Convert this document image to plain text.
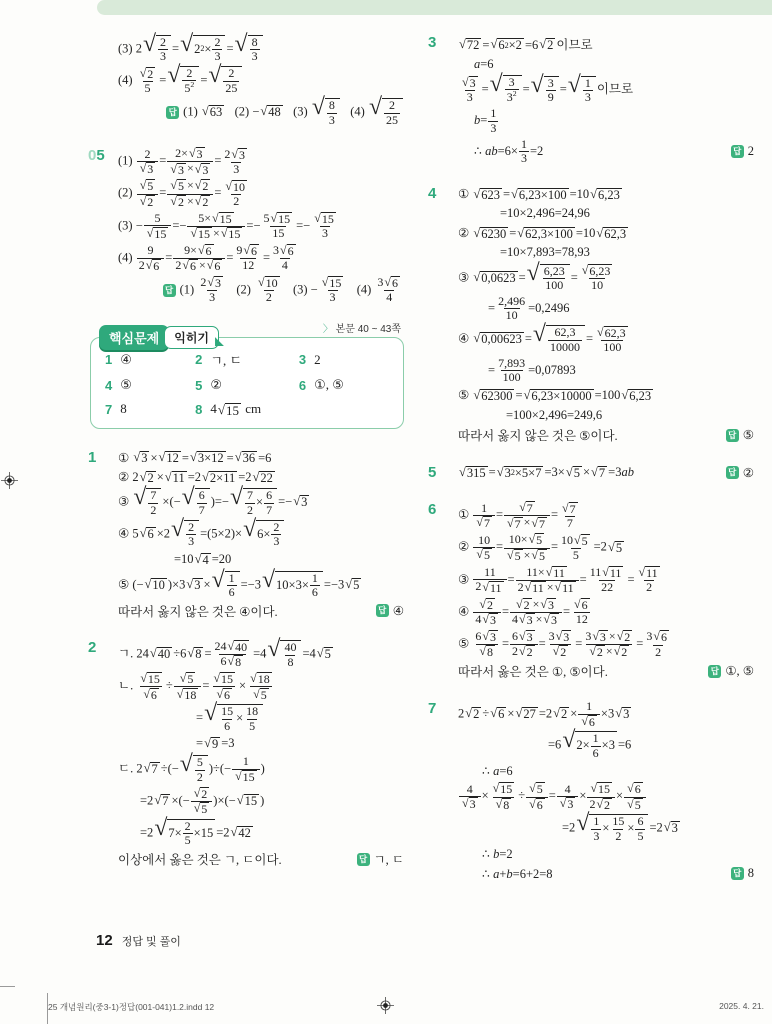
(3) 2 √ 2
3
= √ 2 2 ×
2
3
= √ 8
3
$(4) \frac{√ 2}{5}$ = √ 2
$5^2$ = √ 2
25
답 (1) √ 63 (2) − √ 48 (3) √ 8
3
(4) √ 2
25
05	$(1) \frac{2}{√ 3} = \frac{2\times √ 3}{√ 3 \times √ 3} = \frac{2 √ 3}{3}$
$(2) \frac{√ 5}{√ 2} = \frac{√ 5 \times √ 2}{√ 2 \times √ 2} = \frac{√ 10}{2}$
$(3) - \frac{5}{√ 15} =- \frac{5\times √ 15}{√ 15 \times √ 15} =- \frac{5 √ 15}{15} =- \frac{√ 15}{3}$
$(4) \frac{9}{2 √ 6} = \frac{9\times √ 6}{2 √ 6 \times √ 6} = \frac{9 √ 6}{12} = \frac{3 √ 6}{4}$
답 $(1) \frac{2 √ 3}{3} (2) \frac{√ 10}{2} (3) - \frac{√ 15}{3} (4) \frac{3 √ 6}{4}$
〉 본문 40 ~ 43쪽
핵심문제	익히기
1 ④	2 ㄱ, ㄷ	3 2
4 ⑤	5 ②	6 ①, ⑤
7 8	8 4 √ 15 cm
1	① √ 3 × √ 12 = √ 3×12 = √ 36 =6
② 2 √ 2 × √ 11 =2 √ 2×11 =2 √ 22
③ √ 7
2
×(− √ 6
7
)=− √ 7
2
×
6
7
=− √ 3
④ 5 √ 6 ×2 √ 2
3
=(5×2)× √ 6×
2
3
=10 √ 4 =20
⑤ (− √ 10 )×3 √ 3 × √ 1
6
=−3 √ 10×3×
1
6
=−3 √ 5
따라서 옳지 않은 것은 ④이다.	답 ④
2	ㄱ. 24 √ 40 ÷6 √ $8 = \frac{24 √ 40}{6 √ 8} =4$ √ 40
8
=4 √ 5
ㄴ. $\frac{√ 15}{√ 6} \div \frac{√ 5}{√ 18} = \frac{√ 15}{√ 6} \times \frac{√ 18}{√ 5}$
= √ 15
6
×
18
5
= √ 9 =3
ㄷ. 2 √ 7 ÷(− √ 5
2
)÷(− $\frac{1}{√ 15}$ )
=2 √ 7 ×(− $\frac{√ 2}{√ 5}$ )×(− √ 15 )
=2 √ 7×
2
5
×15 =2 √ 42
이상에서 옳은 것은 ㄱ, ㄷ이다.	답 ㄱ, ㄷ
3	√ 72 = √ 6 2 ×2 =6 √ 2 이므로
a=6
$\frac{√ 3}{3}$ = √ 3
$3^2$ = √ 3
9
= √ 1
3
이므로
$b= \frac{1}{3}$
∴ $ab=6\times \frac{1}{3} =2$	답 2
4	① √ 623 = √ 6,23×100 =10 √ 6,23
=10×2,496=24,96
② √ 6230 = √ 62,3×100 =10 √ 62,3
=10×7,893=78,93
③ √ 0,0623 = √ 6,23
100
= $\frac{√ 6,23}{10}$
= $\frac{2,496}{10} =0,2496$
④ √ 0,00623 = √ 62,3
10000
= $\frac{√ 62,3}{100}$
= $\frac{7,893}{100} =0,07893$
⑤ √ 62300 = √ 6,23×10000 =100 √ 6,23
=100×2,496=249,6
따라서 옳지 않은 것은 ⑤이다.	답 ⑤
5	√ 315 = √ 3 2 ×5×7 =3× √ 5 × √ 7 =3ab	답 ②
6	① $\frac{1}{√ 7} = \frac{√ 7}{√ 7 \times √ 7} = \frac{√ 7}{7}$
② $\frac{10}{√ 5} = \frac{10\times √ 5}{√ 5 \times √ 5} = \frac{10 √ 5}{5} =2$ √ 5
③ $\frac{11}{2 √ 11} = \frac{11\times √ 11}{2 √ 11 \times √ 11} = \frac{11 √ 11}{22} = \frac{√ 11}{2}$
④ $\frac{√ 2}{4 √ 3} = \frac{√ 2 \times √ 3}{4 √ 3 \times √ 3} = \frac{√ 6}{12}$
⑤ $\frac{6 √ 3}{√ 8} = \frac{6 √ 3}{2 √ 2} = \frac{3 √ 3}{√ 2} = \frac{3 √ 3 \times √ 2}{√ 2 \times √ 2} = \frac{3 √ 6}{2}$
따라서 옳은 것은 ①, ⑤이다.	답 ①, ⑤
7	2 √ 2 ÷ √ 6 × √ 27 =2 √ $2 \times \frac{1}{√ 6} \times 3$ √ 3
=6 √ 2×
1
6
×3 =6
∴ a=6
$\frac{4}{√ 3} \times \frac{√ 15}{√ 8} \div \frac{√ 5}{√ 6} = \frac{4}{√ 3} \times \frac{√ 15}{2 √ 2} \times \frac{√ 6}{√ 5}$
=2 √ 1
3
×
15
2
×
6
5
=2 √ 3
∴ b=2
∴ a+b=6+2=8	답 8
12 정답 및 풀이
25 개념원리(중3-1)정답(001-041)1.2.indd 12	2025. 4. 21.
